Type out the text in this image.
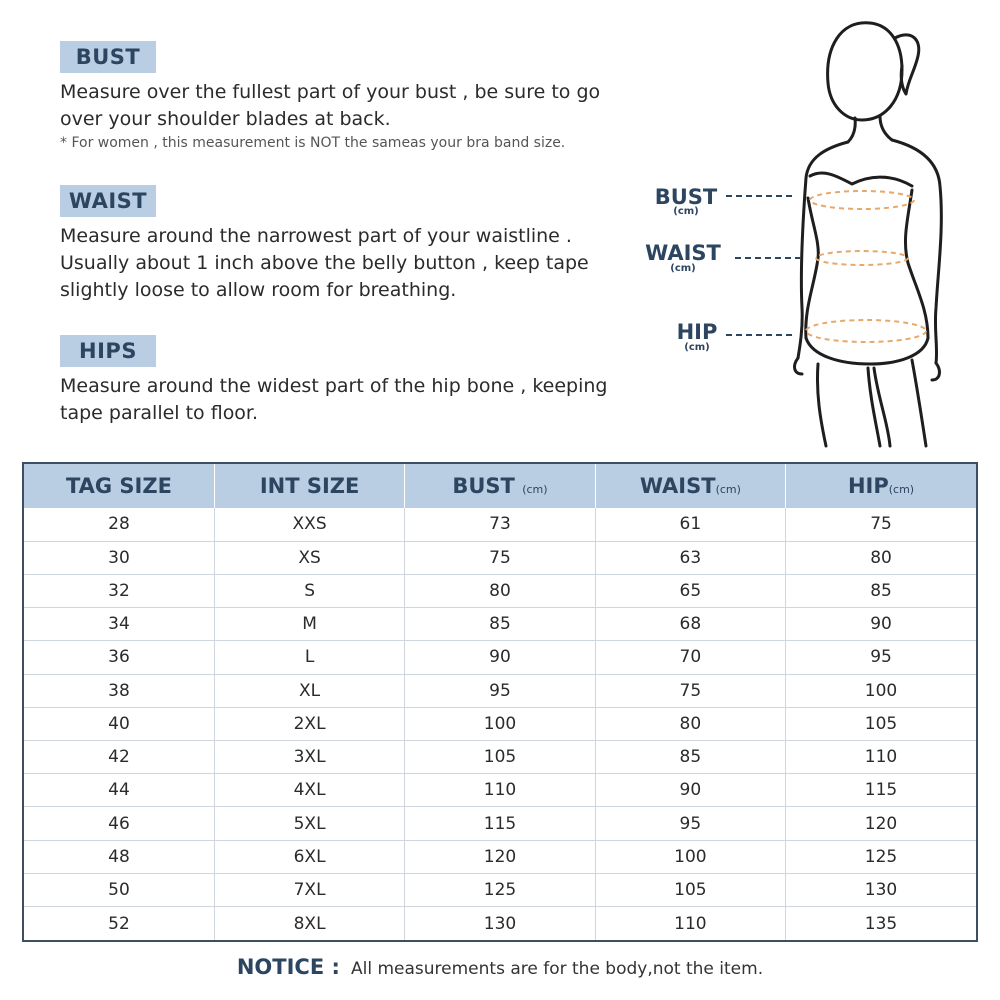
BUST
Measure over the fullest part of your bust , be sure to go over your shoulder blades at back.
* For women , this measurement is NOT the sameas your bra band size.
WAIST
Measure around the narrowest part of your waistline . Usually about 1 inch above the belly button , keep tape slightly loose to allow room for breathing.
HIPS
Measure around the widest part of the hip bone , keeping tape parallel to floor.
BUST
(cm)
WAIST
(cm)
HIP
(cm)
TAG SIZE	INT SIZE	BUST (cm)	WAIST(cm)	HIP(cm)
28	XXS	73	61	75
30	XS	75	63	80
32	S	80	65	85
34	M	85	68	90
36	L	90	70	95
38	XL	95	75	100
40	2XL	100	80	105
42	3XL	105	85	110
44	4XL	110	90	115
46	5XL	115	95	120
48	6XL	120	100	125
50	7XL	125	105	130
52	8XL	130	110	135
NOTICE : All measurements are for the body,not the item.
